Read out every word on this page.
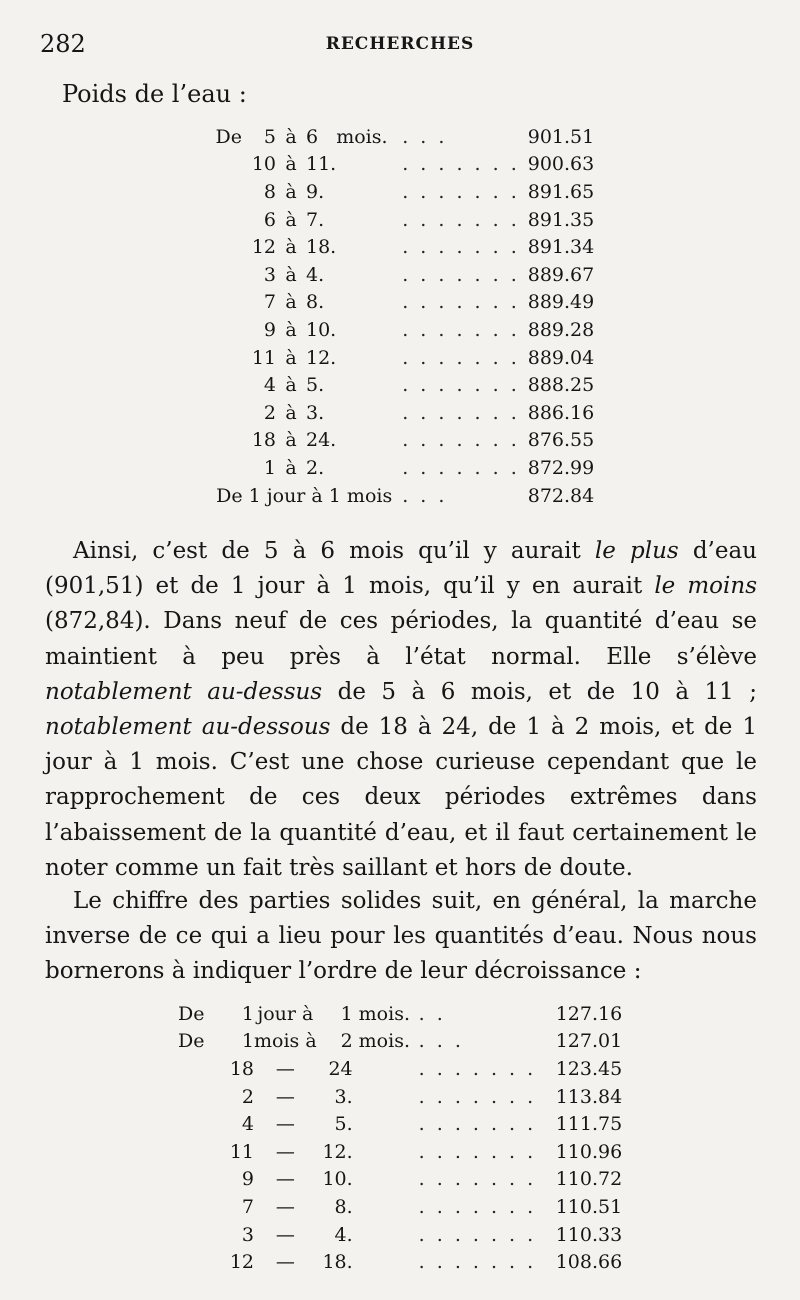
282	RECHERCHES
Poids de l’eau :
De	5	à	6	mois.	. . .	901.51
	10	à	11.		. . . . . . .	900.63
	8	à	9.		. . . . . . .	891.65
	6	à	7.		. . . . . . .	891.35
	12	à	18.		. . . . . . .	891.34
	3	à	4.		. . . . . . .	889.67
	7	à	8.		. . . . . . .	889.49
	9	à	10.		. . . . . . .	889.28
	11	à	12.		. . . . . . .	889.04
	4	à	5.		. . . . . . .	888.25
	2	à	3.		. . . . . . .	886.16
	18	à	24.		. . . . . . .	876.55
	1	à	2.		. . . . . . .	872.99
De 1 jour à 1 mois					. . .	872.84

Ainsi, c’est de 5 à 6 mois qu’il y aurait le plus d’eau (901,51) et de 1 jour à 1 mois, qu’il y en aurait le moins (872,84). Dans neuf de ces périodes, la quantité d’eau se maintient à peu près à l’état normal. Elle s’élève notablement au-dessus de 5 à 6 mois, et de 10 à 11 ; notablement au-dessous de 18 à 24, de 1 à 2 mois, et de 1 jour à 1 mois. C’est une chose curieuse cependant que le rapprochement de ces deux périodes extrêmes dans l’abaissement de la quantité d’eau, et il faut certainement le noter comme un fait très saillant et hors de doute.

Le chiffre des parties solides suit, en général, la marche inverse de ce qui a lieu pour les quantités d’eau. Nous nous bornerons à indiquer l’ordre de leur décroissance :

De	1	jour à	1	mois.	. .	127.16
De	1	mois à	2	mois.	. . .	127.01
	18	—	24		. . . . . . .	123.45
	2	—	3.		. . . . . . .	113.84
	4	—	5.		. . . . . . .	111.75
	11	—	12.		. . . . . . .	110.96
	9	—	10.		. . . . . . .	110.72
	7	—	8.		. . . . . . .	110.51
	3	—	4.		. . . . . . .	110.33
	12	—	18.		. . . . . . .	108.66
